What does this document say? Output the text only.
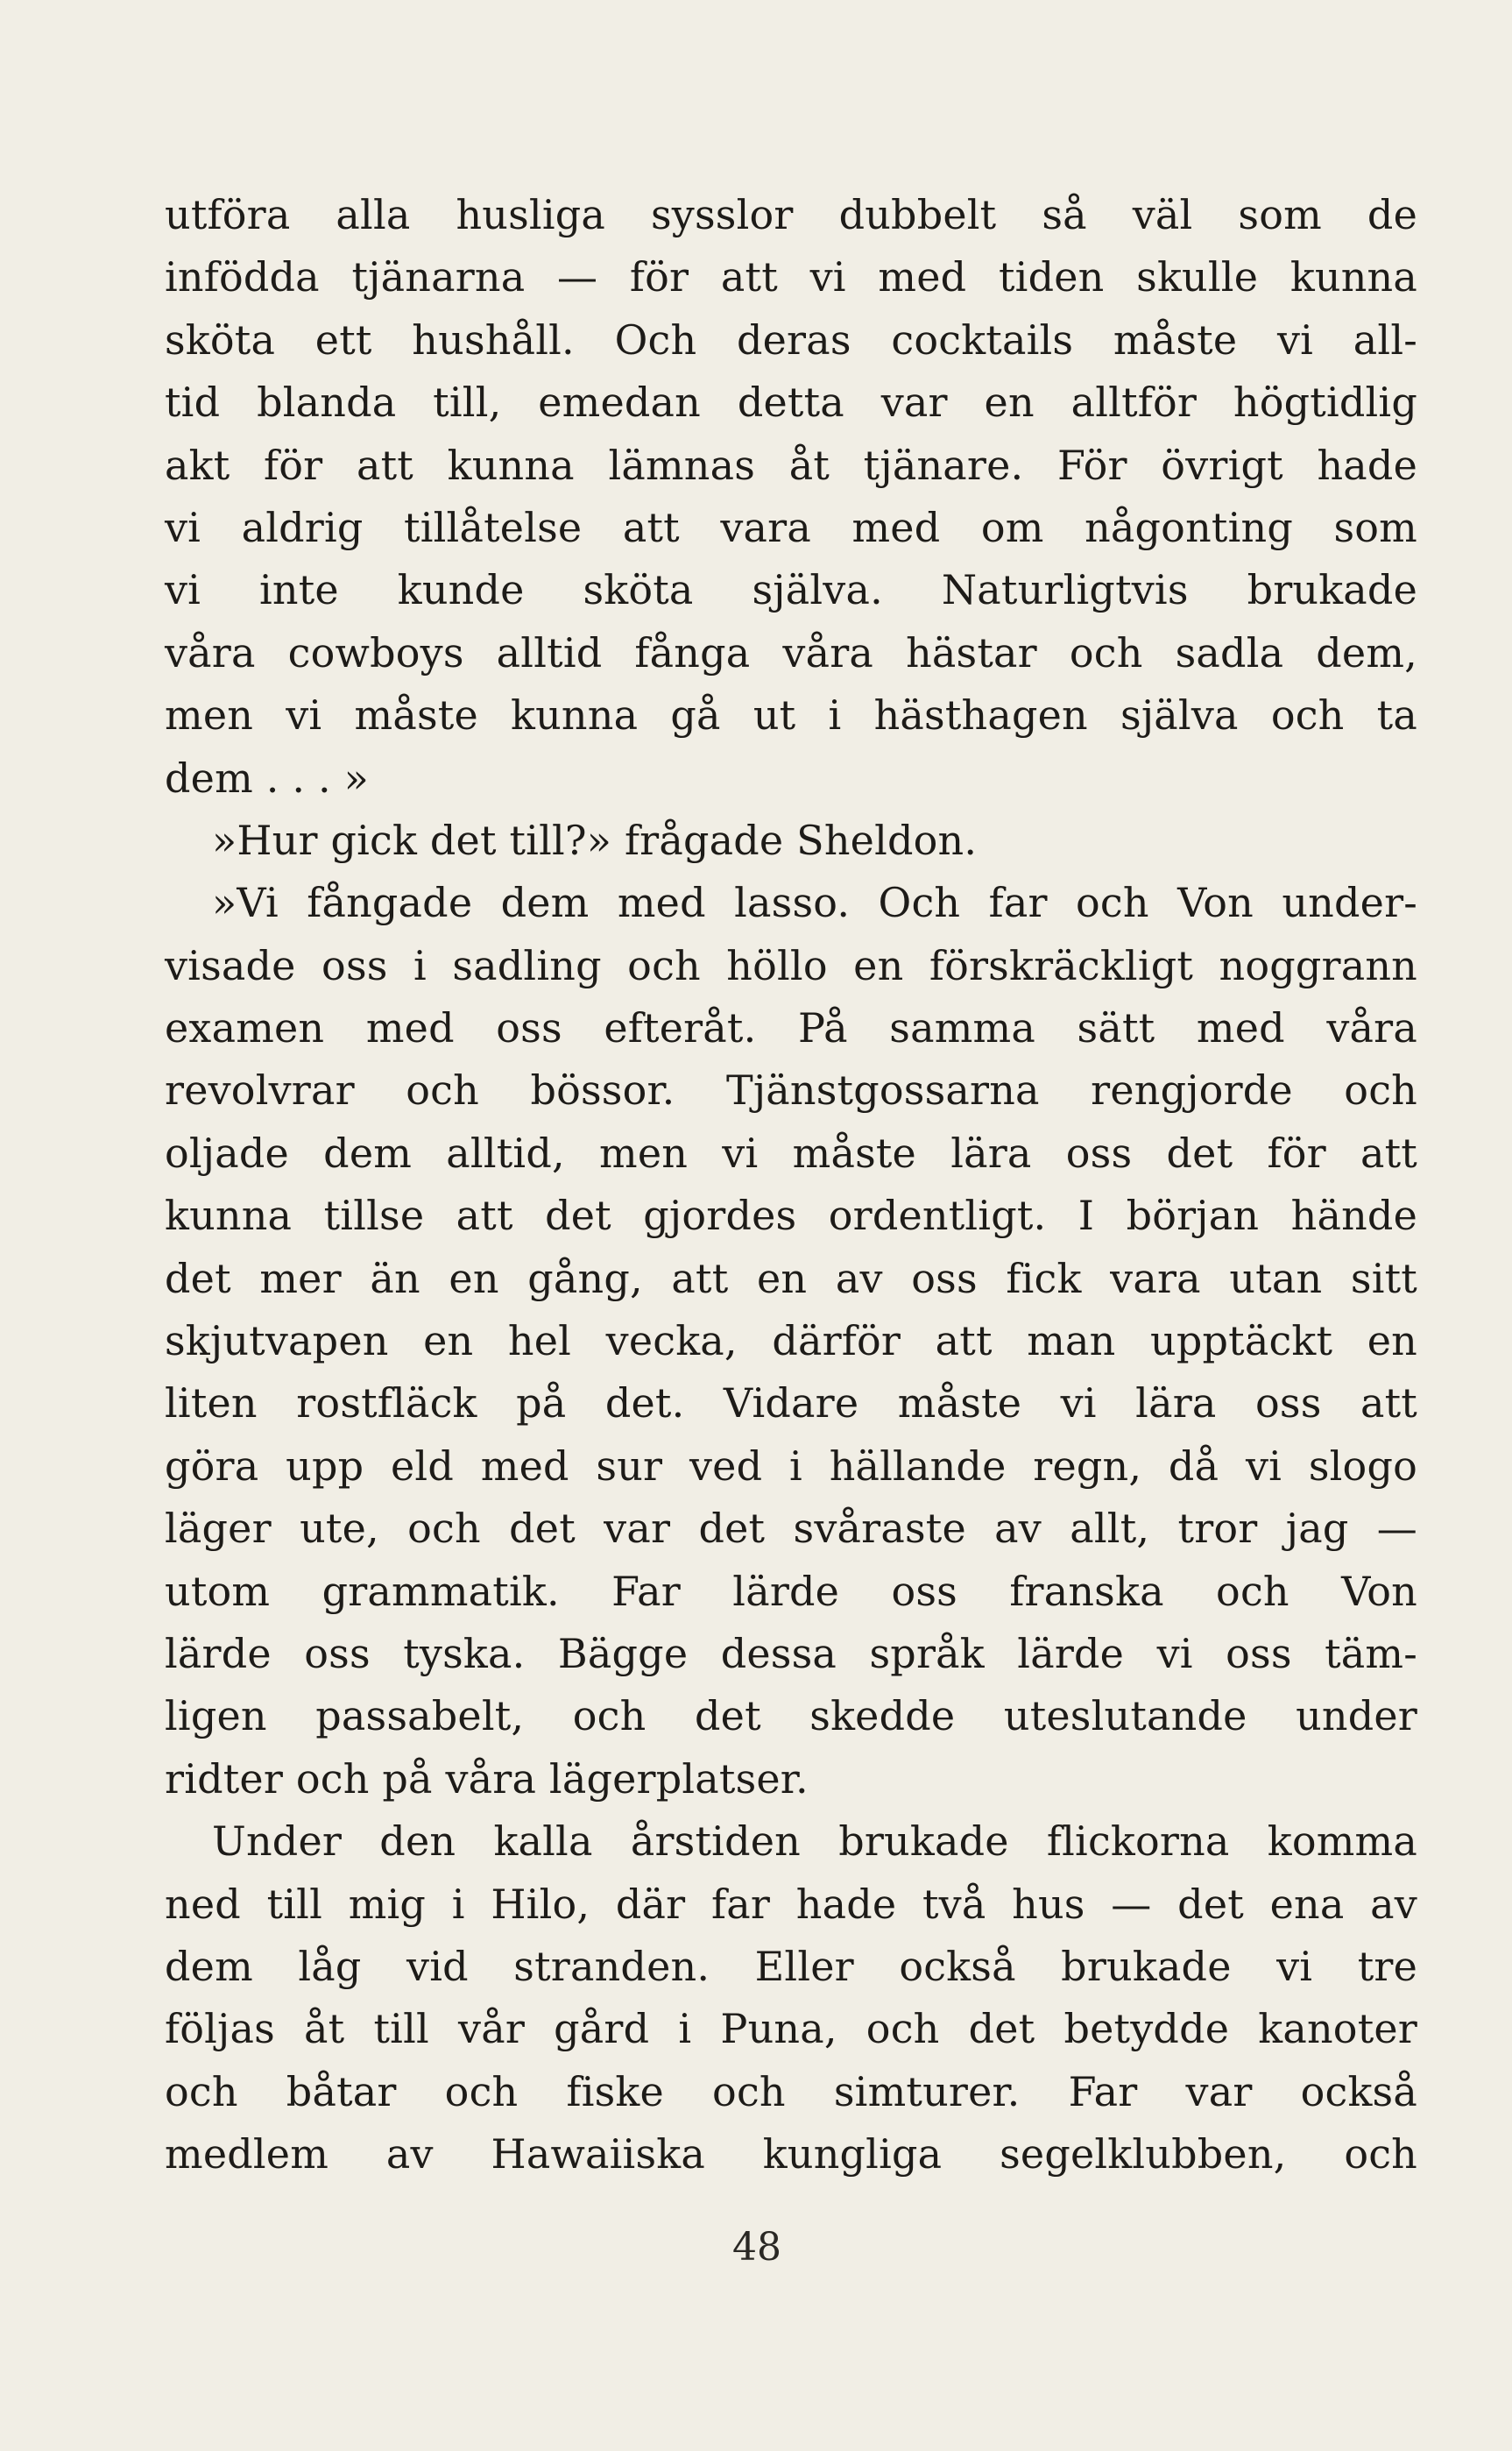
utföra alla husliga sysslor dubbelt så väl som de
infödda tjänarna — för att vi med tiden skulle kunna
sköta ett hushåll. Och deras cocktails måste vi all-
tid blanda till, emedan detta var en alltför högtidlig
akt för att kunna lämnas åt tjänare. För övrigt hade
vi aldrig tillåtelse att vara med om någonting som
vi inte kunde sköta själva. Naturligtvis brukade
våra cowboys alltid fånga våra hästar och sadla dem,
men vi måste kunna gå ut i hästhagen själva och ta
dem . . . »
»Hur gick det till?» frågade Sheldon.
»Vi fångade dem med lasso. Och far och Von under-
visade oss i sadling och höllo en förskräckligt noggrann
examen med oss efteråt. På samma sätt med våra
revolvrar och bössor. Tjänstgossarna rengjorde och
oljade dem alltid, men vi måste lära oss det för att
kunna tillse att det gjordes ordentligt. I början hände
det mer än en gång, att en av oss fick vara utan sitt
skjutvapen en hel vecka, därför att man upptäckt en
liten rostfläck på det. Vidare måste vi lära oss att
göra upp eld med sur ved i hällande regn, då vi slogo
läger ute, och det var det svåraste av allt, tror jag —
utom grammatik. Far lärde oss franska och Von
lärde oss tyska. Bägge dessa språk lärde vi oss täm-
ligen passabelt, och det skedde uteslutande under
ridter och på våra lägerplatser.
Under den kalla årstiden brukade flickorna komma
ned till mig i Hilo, där far hade två hus — det ena av
dem låg vid stranden. Eller också brukade vi tre
följas åt till vår gård i Puna, och det betydde kanoter
och båtar och fiske och simturer. Far var också
medlem av Hawaiiska kungliga segelklubben, och
48
